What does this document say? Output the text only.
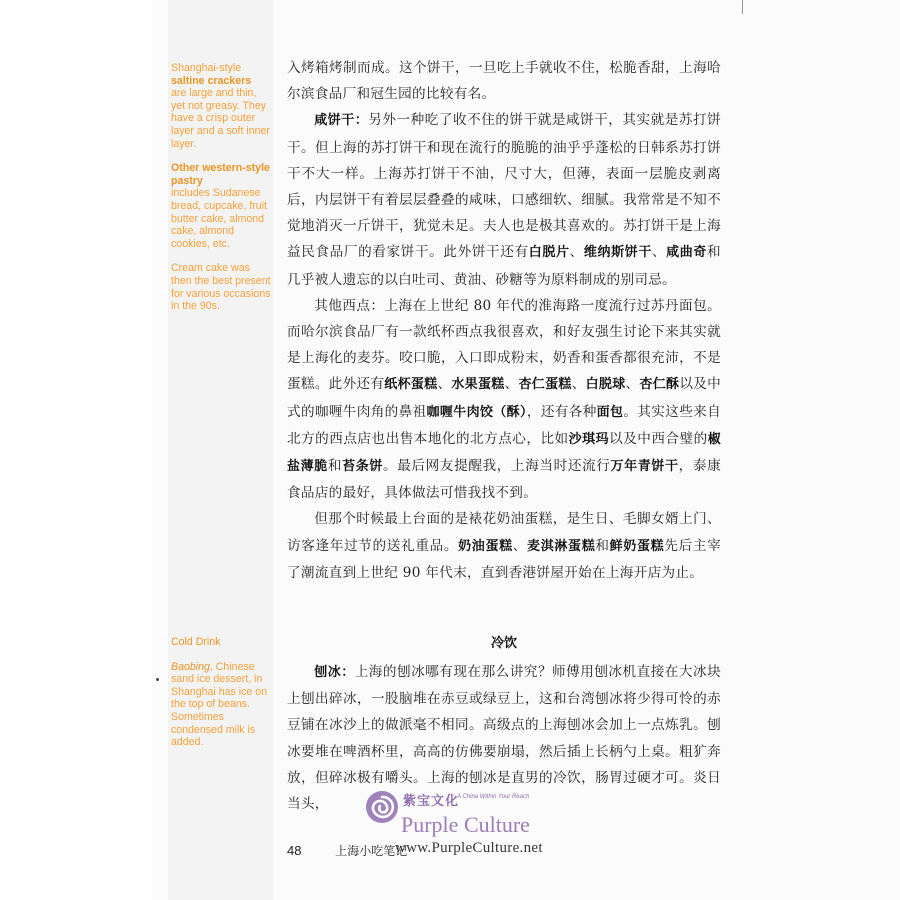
Shanghai-style
saltine crackers
are large and thin, yet not greasy. They have a crisp outer layer and a soft inner layer.

Other western-style pastry
includes Sudanese bread, cupcake, fruit butter cake, almond cake, almond cookies, etc.

Cream cake was then the best present for various occasions in the 90s.

Cold Drink

Baobing, Chinese sand ice dessert, in Shanghai has ice on the top of beans. Sometimes condensed milk is added.

入烤箱烤制而成。这个饼干，一旦吃上手就收不住，松脆香甜，上海哈尔滨食品厂和冠生园的比较有名。

咸饼干：另外一种吃了收不住的饼干就是咸饼干，其实就是苏打饼干。但上海的苏打饼干和现在流行的脆脆的油乎乎蓬松的日韩系苏打饼干不大一样。上海苏打饼干不油，尺寸大，但薄，表面一层脆皮剥离后，内层饼干有着层层叠叠的咸味，口感细软、细腻。我常常是不知不觉地消灭一斤饼干，犹觉未足。夫人也是极其喜欢的。苏打饼干是上海益民食品厂的看家饼干。此外饼干还有白脱片、维纳斯饼干、咸曲奇和几乎被人遗忘的以白吐司、黄油、砂糖等为原料制成的别司忌。

其他西点：上海在上世纪 80 年代的淮海路一度流行过苏丹面包。而哈尔滨食品厂有一款纸杯西点我很喜欢，和好友强生讨论下来其实就是上海化的麦芬。咬口脆，入口即成粉末，奶香和蛋香都很充沛，不是蛋糕。此外还有纸杯蛋糕、水果蛋糕、杏仁蛋糕、白脱球、杏仁酥以及中式的咖喱牛肉角的鼻祖咖喱牛肉饺（酥），还有各种面包。其实这些来自北方的西点店也出售本地化的北方点心，比如沙琪玛以及中西合璧的椒盐薄脆和苔条饼。最后网友提醒我，上海当时还流行万年青饼干，泰康食品店的最好，具体做法可惜我找不到。

但那个时候最上台面的是裱花奶油蛋糕，是生日、毛脚女婿上门、访客逢年过节的送礼重品。奶油蛋糕、麦淇淋蛋糕和鲜奶蛋糕先后主宰了潮流直到上世纪 90 年代末，直到香港饼屋开始在上海开店为止。

冷饮

刨冰：上海的刨冰哪有现在那么讲究？师傅用刨冰机直接在大冰块上刨出碎冰，一股脑堆在赤豆或绿豆上，这和台湾刨冰将少得可怜的赤豆铺在冰沙上的做派毫不相同。高级点的上海刨冰会加上一点炼乳。刨冰要堆在啤酒杯里，高高的仿佛要崩塌，然后插上长柄勺上桌。粗犷奔放，但碎冰极有嚼头。上海的刨冰是直男的冷饮，肠胃过硬才可。炎日当头，

48	上海小吃笔记
紫宝文化
A China Within Your Reach
Purple Culture
www.PurpleCulture.net
